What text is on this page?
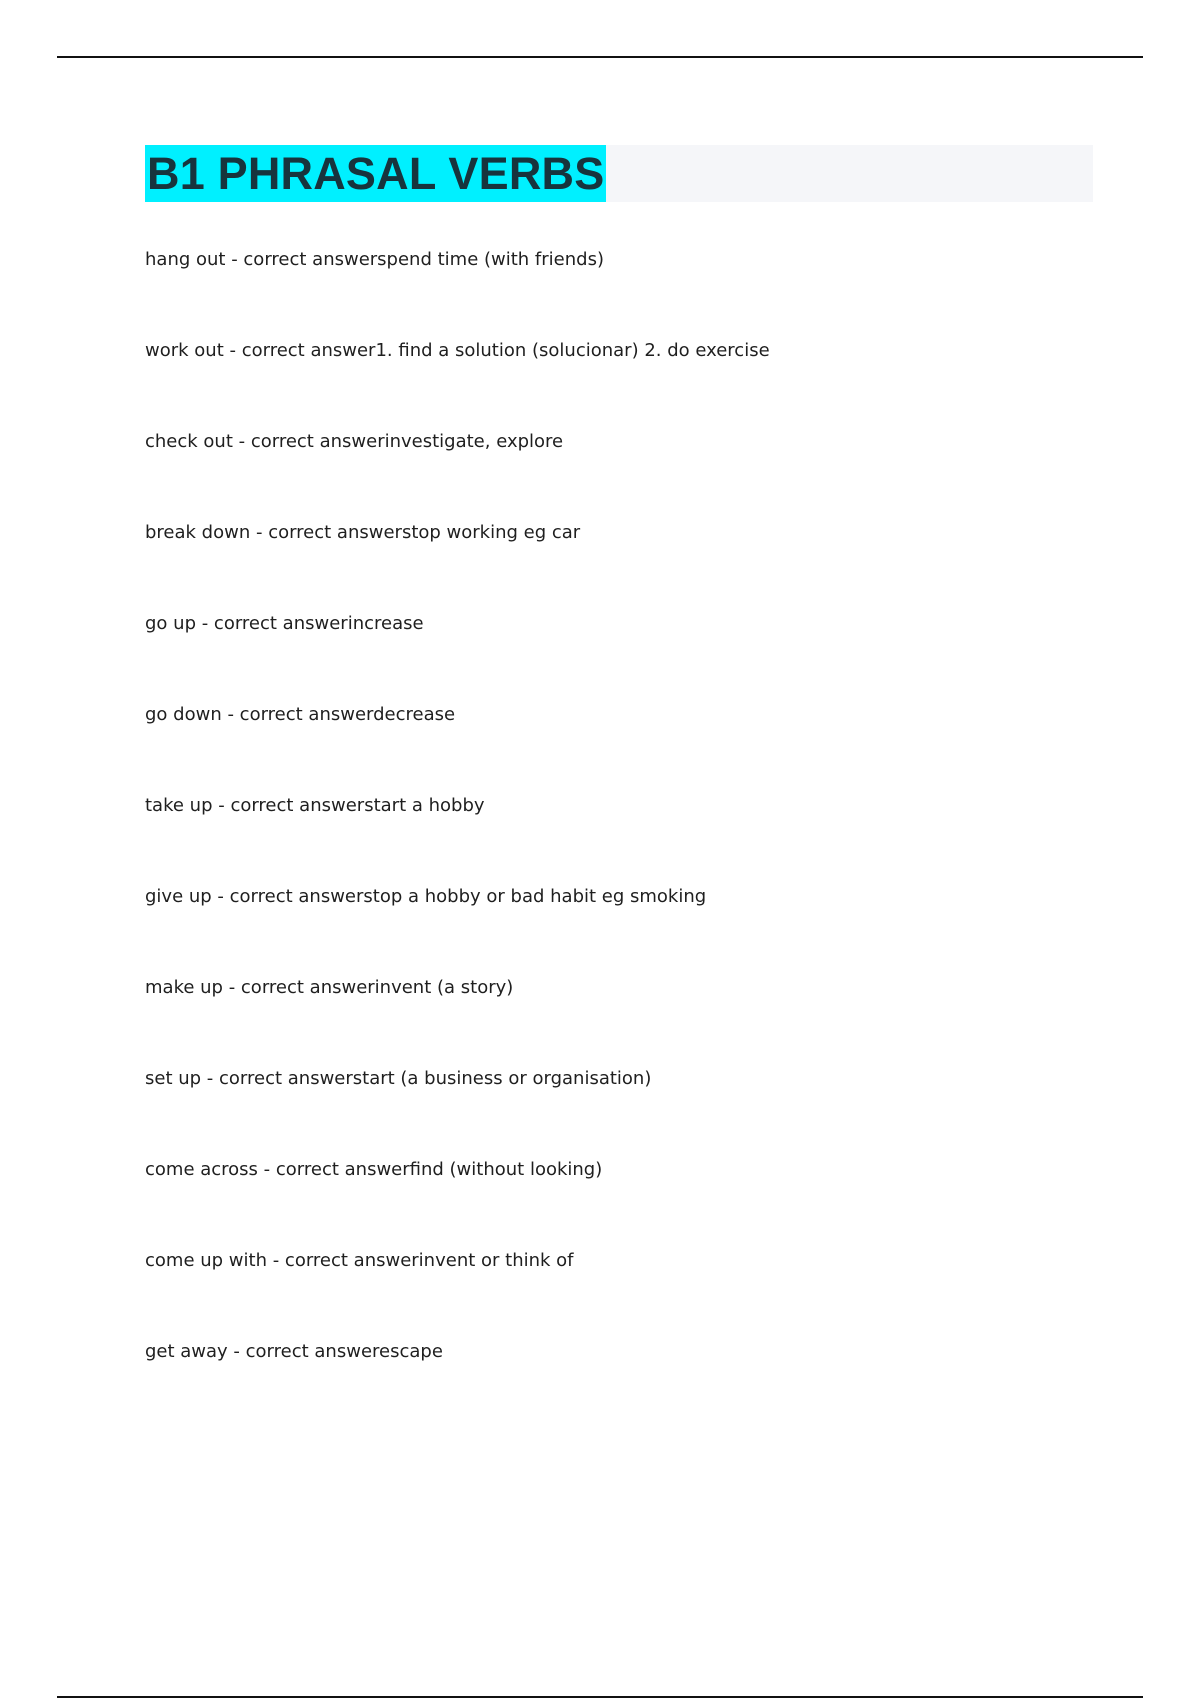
B1 PHRASAL VERBS
hang out - correct answerspend time (with friends)
work out - correct answer1. find a solution (solucionar) 2. do exercise
check out - correct answerinvestigate, explore
break down - correct answerstop working eg car
go up - correct answerincrease
go down - correct answerdecrease
take up - correct answerstart a hobby
give up - correct answerstop a hobby or bad habit eg smoking
make up - correct answerinvent (a story)
set up - correct answerstart (a business or organisation)
come across - correct answerfind (without looking)
come up with - correct answerinvent or think of
get away - correct answerescape
